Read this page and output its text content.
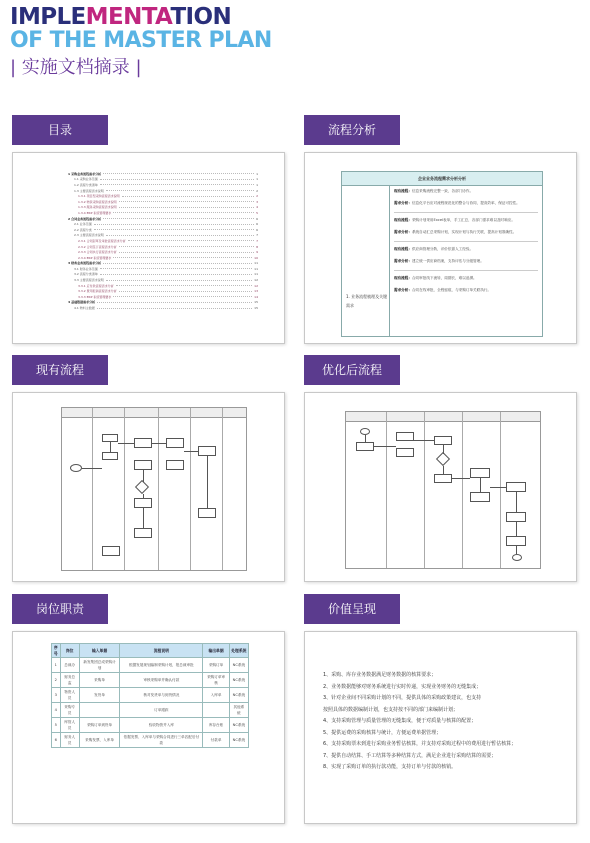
IMPLEMENTATION
OF THE MASTER PLAN
| 实施文档摘录 |
目录	流程分析
1 采购业务流程需求分析	1
1.1 采购业务范围	1
1.2 流程分类清单	1
1.3 主要流程需求说明	2
1.3.1 项目型采购流程需求说明	2
1.3.2 物资采购流程需求说明	3
1.3.3 服务采购流程需求说明	4
1.3.4 ERP 系统管理要求	5
2 合同业务流程需求分析	6
2.1 业务范围	6
2.2 流程分类	6
2.3 主要流程需求说明	7
2.3.1 合同起草及审批流程需求分析	7
2.3.2 合同签订流程需求分析	8
2.3.3 合同执行流程需求分析	9
2.3.4 ERP 系统管理要求	10
3 财务业务流程需求分析	11
3.1 财务业务范围	11
3.2 流程分类清单	11
3.3 主要流程需求说明	12
3.3.1 应付款流程需求分析	12
3.3.2 费用报销流程需求分析	13
3.3.3 ERP 系统管理要求	14
4 基础数据需求分析	15
4.1 物料主数据	15
企业业务流程需求分析分析
1. 业务流程梳理及关键需求
现有流程：信息采购流程完整一致，各部门协作。
需求分析：信息化平台应对流程规范化的整合与协同，提高效率，保证可控性。
现有流程：采购计划采用Excel表单，手工汇总，各部门需求难以及时响应。
需求分析：系统自动汇总采购计划，实现计划与执行关联，提高计划准确性。
现有流程：供应商管理分散，评价依靠人工经验。
需求分析：建立统一供应商档案，支持评估与分级管理。
现有流程：合同审批线下流转，周期长，难以追溯。
需求分析：合同在线审批，全程留痕，与采购订单关联执行。
现有流程	优化后流程
岗位职责	价值呈现
序号	岗位	输入单据	流程说明	输出单据	处理系统
1	总裁办	新发集团总成采购计划	根据发展规划编制采购计划，报总裁审批	采购订单	NC系统
2	财务总监	采购单	审核采购单并确认付款	采购订单审核	NC系统
3	物资人员	发货单	核对发货单与到货情况	入库单	NC系统
4	采购专员		订单跟踪		其他系统
5	库管人员	采购订单到货单	验收物资并入库	库存台账	NC系统
6	财务人员	采购发票、入库单	依据发票、入库单与采购合同进行三单匹配后付款	付款单	NC系统
1、采购、库存业务数据满足财务数据的核算要求；
2、业务数据能够对财务系统进行实时传递，实现业务财务的无缝集成；
3、针对企业间不同采购计划的不同，提供具体的采购政策建议，也支持
按照具体的数据编制计划，也支持按不同的部门来编制计划；
4、支持采购管理与质量管理的无缝集成，便于对质量与核算的配置；
5、提供运费的采购核算与统计，方便运费单据管理；
6、支持采购票未到进行采购业务暂估核算，并支持对采购过程中的费用进行暂估核算；
7、提供自动结算、手工结算等多种结算方式，满足企业进行采购结算的需要；
8、实现了采购订单的执行款功能，支持订单与付款的核销。
